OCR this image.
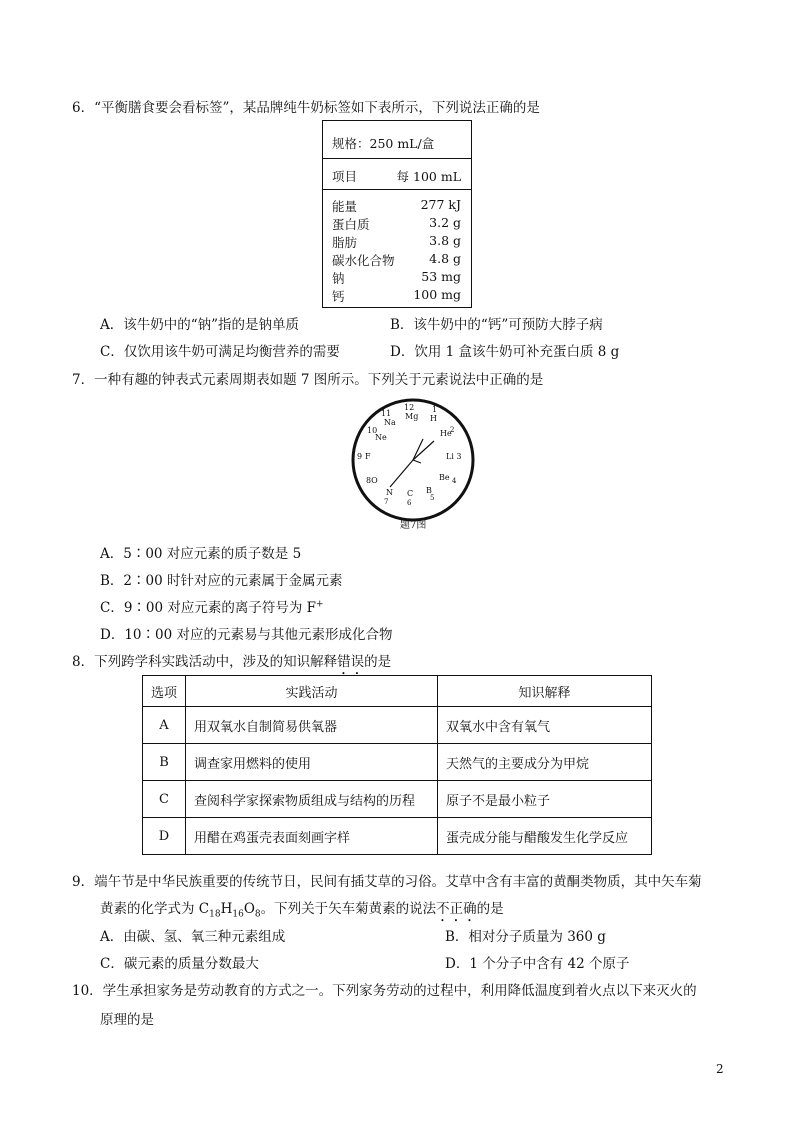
6．“平衡膳食要会看标签”，某品牌纯牛奶标签如下表所示，下列说法正确的是
规格：250 mL/盒
项目	每 100 mL
能量	277 kJ
蛋白质	3.2 g
脂肪	3.8 g
碳水化合物	4.8 g
钠	53 mg
钙	100 mg
A．该牛奶中的“钠”指的是钠单质	B．该牛奶中的“钙”可预防大脖子病
C．仅饮用该牛奶可满足均衡营养的需要	D．饮用 1 盒该牛奶可补充蛋白质 8 g
7．一种有趣的钟表式元素周期表如题 7 图所示。下列关于元素说法中正确的是
12
Mg
1
H
11
Na
He
2
10
Ne
9 F	Li 3
8O	Be 4
N
7
C
6
B
5
题7图
A．5∶00 对应元素的质子数是 5
B．2∶00 时针对应的元素属于金属元素
C．9∶00 对应元素的离子符号为 F+
D．10∶00 对应的元素易与其他元素形成化合物
8．下列跨学科实践活动中，涉及的知识解释错误的是
选项	实践活动	知识解释
A	用双氧水自制简易供氧器	双氧水中含有氧气
B	调查家用燃料的使用	天然气的主要成分为甲烷
C	查阅科学家探索物质组成与结构的历程	原子不是最小粒子
D	用醋在鸡蛋壳表面刻画字样	蛋壳成分能与醋酸发生化学反应
9．端午节是中华民族重要的传统节日，民间有插艾草的习俗。艾草中含有丰富的黄酮类物质，其中矢车菊
黄素的化学式为 $C_{18}H_{16}O_8$。下列关于矢车菊黄素的说法不正确的是
A．由碳、氢、氧三种元素组成	B．相对分子质量为 360 g
C．碳元素的质量分数最大	D．1 个分子中含有 42 个原子
10．学生承担家务是劳动教育的方式之一。下列家务劳动的过程中，利用降低温度到着火点以下来灭火的
原理的是
2
